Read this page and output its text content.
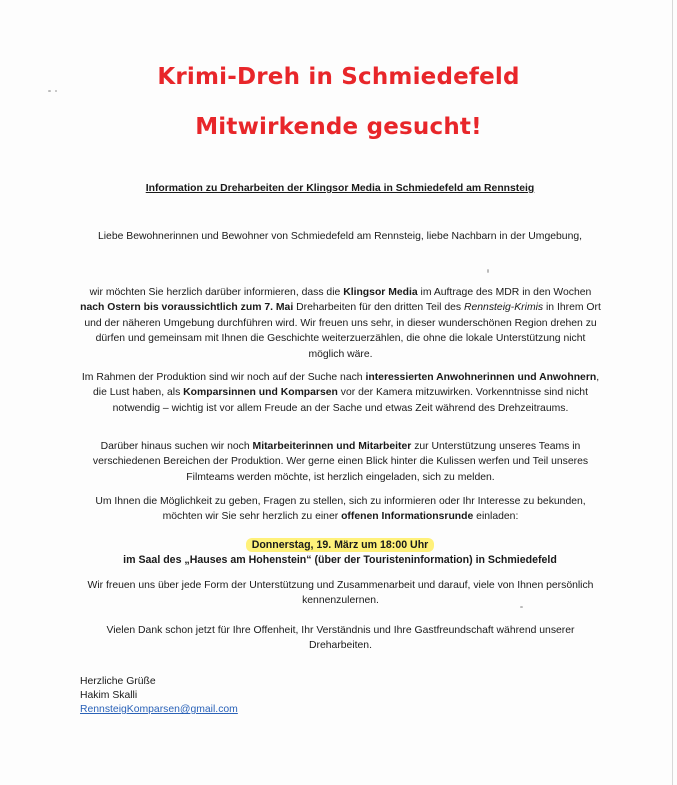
Krimi-Dreh in Schmiedefeld
Mitwirkende gesucht!
Information zu Dreharbeiten der Klingsor Media in Schmiedefeld am Rennsteig
Liebe Bewohnerinnen und Bewohner von Schmiedefeld am Rennsteig, liebe Nachbarn in der Umgebung,
wir möchten Sie herzlich darüber informieren, dass die Klingsor Media im Auftrage des MDR in den Wochen nach Ostern bis voraussichtlich zum 7. Mai Dreharbeiten für den dritten Teil des Rennsteig-Krimis in Ihrem Ort und der näheren Umgebung durchführen wird. Wir freuen uns sehr, in dieser wunderschönen Region drehen zu dürfen und gemeinsam mit Ihnen die Geschichte weiterzuerzählen, die ohne die lokale Unterstützung nicht möglich wäre.
Im Rahmen der Produktion sind wir noch auf der Suche nach interessierten Anwohnerinnen und Anwohnern, die Lust haben, als Komparsinnen und Komparsen vor der Kamera mitzuwirken. Vorkenntnisse sind nicht notwendig – wichtig ist vor allem Freude an der Sache und etwas Zeit während des Drehzeitraums.
Darüber hinaus suchen wir noch Mitarbeiterinnen und Mitarbeiter zur Unterstützung unseres Teams in verschiedenen Bereichen der Produktion. Wer gerne einen Blick hinter die Kulissen werfen und Teil unseres Filmteams werden möchte, ist herzlich eingeladen, sich zu melden.
Um Ihnen die Möglichkeit zu geben, Fragen zu stellen, sich zu informieren oder Ihr Interesse zu bekunden, möchten wir Sie sehr herzlich zu einer offenen Informationsrunde einladen:
Donnerstag, 19. März um 18:00 Uhr
im Saal des „Hauses am Hohenstein“ (über der Touristeninformation) in Schmiedefeld
Wir freuen uns über jede Form der Unterstützung und Zusammenarbeit und darauf, viele von Ihnen persönlich kennenzulernen.
Vielen Dank schon jetzt für Ihre Offenheit, Ihr Verständnis und Ihre Gastfreundschaft während unserer Dreharbeiten.
Herzliche Grüße
Hakim Skalli
RennsteigKomparsen@gmail.com
